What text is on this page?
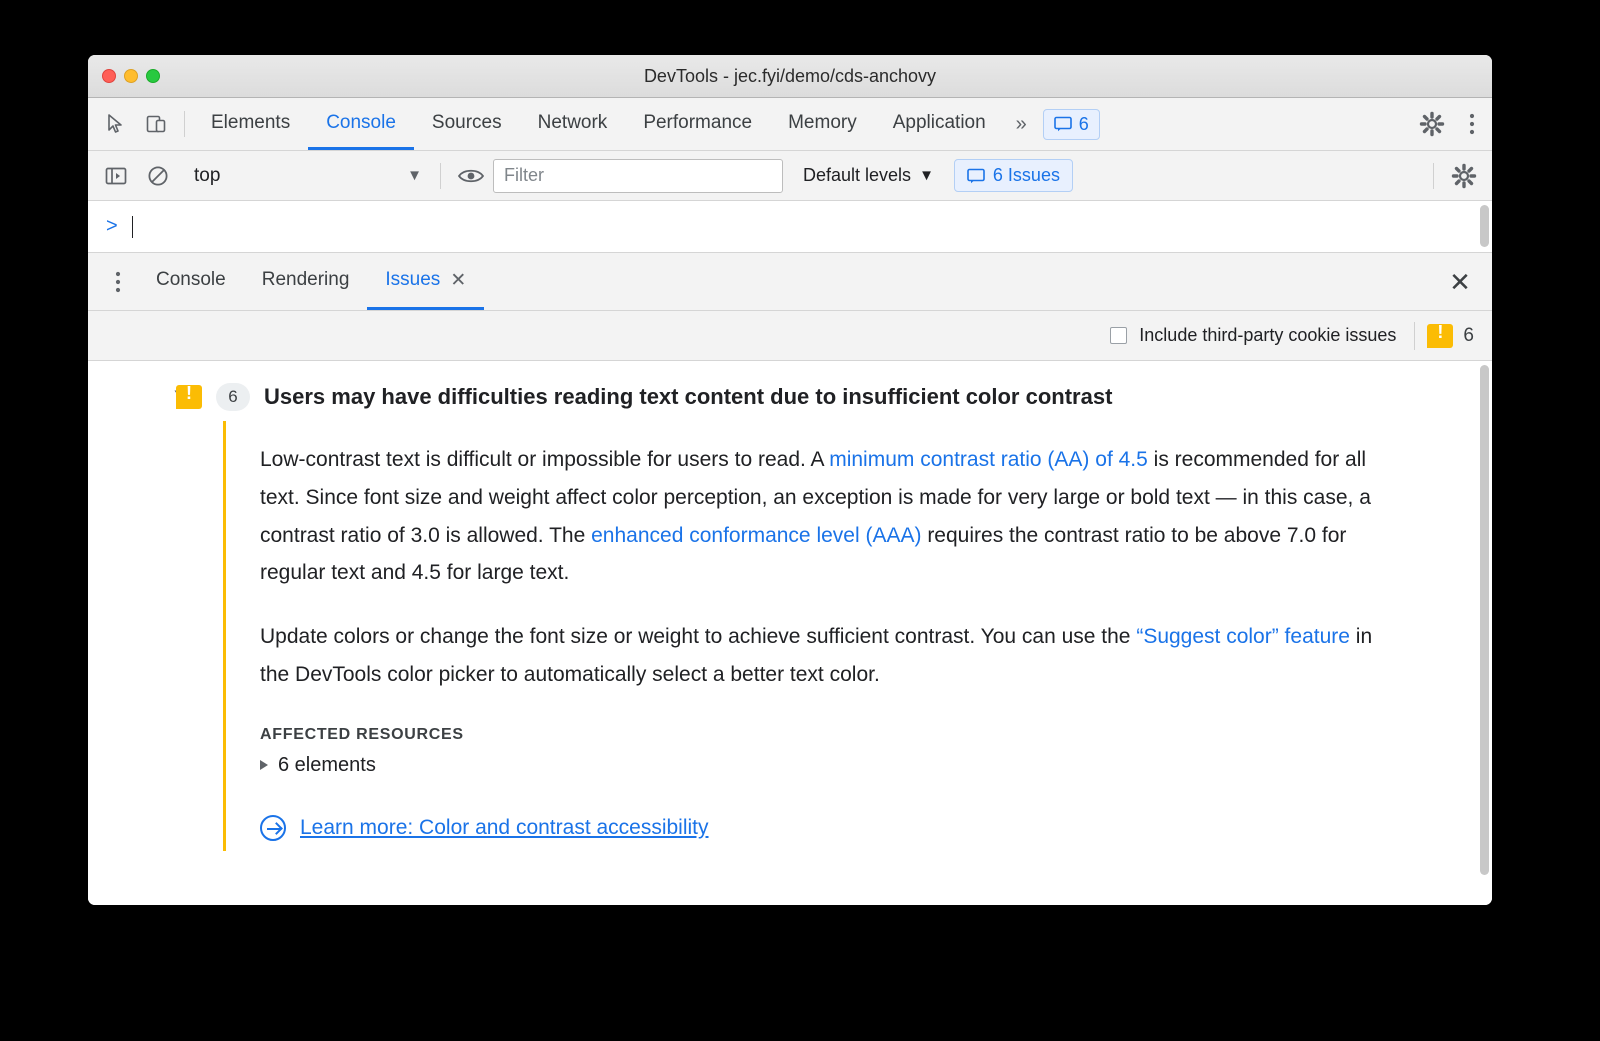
DevTools - jec.fyi/demo/cds-anchovy
Elements	Console	Sources	Network	Performance	Memory	Application	»	6
top	▼
Filter	Default levels ▼	6 Issues
>
Console Rendering Issues ✕	✕
Include third-party cookie issues !	6
!
6	Users may have difficulties reading text content due to insufficient color contrast

Low-contrast text is difficult or impossible for users to read. A minimum contrast ratio (AA) of 4.5 is recommended for all text. Since font size and weight affect color perception, an exception is made for very large or bold text — in this case, a contrast ratio of 3.0 is allowed. The enhanced conformance level (AAA) requires the contrast ratio to be above 7.0 for regular text and 4.5 for large text.

Update colors or change the font size or weight to achieve sufficient contrast. You can use the “Suggest color” feature in the DevTools color picker to automatically select a better text color.

AFFECTED RESOURCES
6 elements
Learn more: Color and contrast accessibility
